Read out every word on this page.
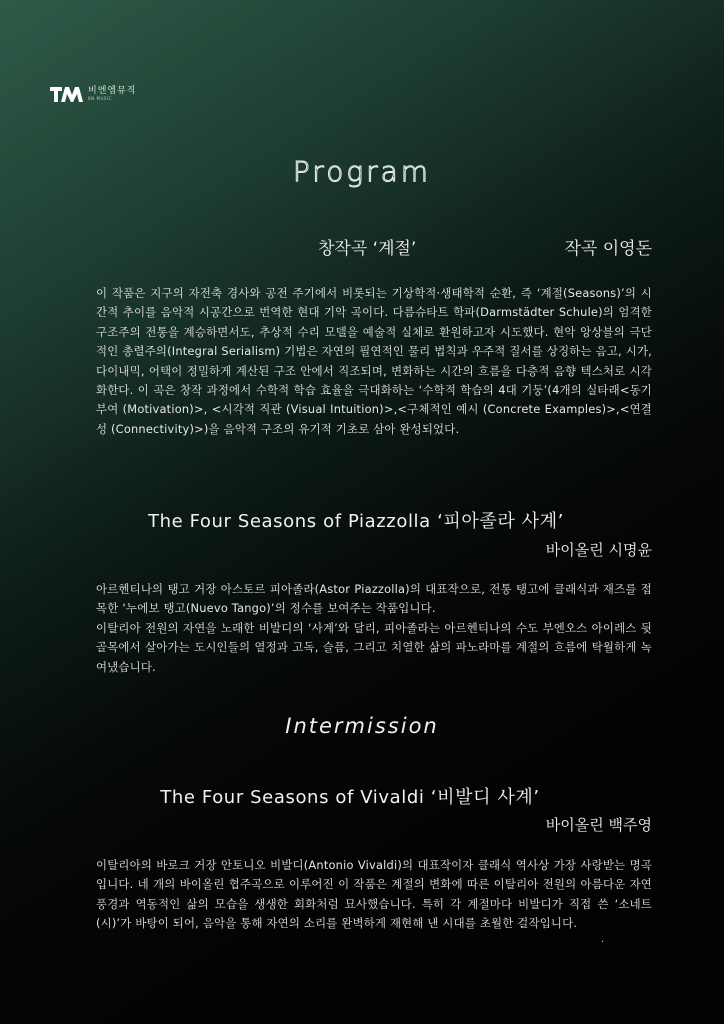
비엔엠뮤직
BN MUSIC
Program
창작곡 ‘계절’	작곡 이영돈

이 작품은 지구의 자전축 경사와 공전 주기에서 비롯되는 기상학적·생태학적 순환, 즉 ‘계절(Seasons)’의 시간적 추이를 음악적 시공간으로 번역한 현대 기악 곡이다. 다름슈타트 학파(Darmstädter Schule)의 엄격한 구조주의 전통을 계승하면서도, 추상적 수리 모델을 예술적 실체로 환원하고자 시도했다. 현악 앙상블의 극단적인 총렬주의(Integral Serialism) 기법은 자연의 필연적인 물리 법칙과 우주적 질서를 상징하는 음고, 시가, 다이내믹, 어택이 정밀하게 계산된 구조 안에서 직조되며, 변화하는 시간의 흐름을 다층적 음향 텍스처로 시각화한다. 이 곡은 창작 과정에서 수학적 학습 효율을 극대화하는 ‘수학적 학습의 4대 기둥’(4개의 실타래<동기부여 (Motivation)>, <시각적 직관 (Visual Intuition)>,<구체적인 예시 (Concrete Examples)>,<연결성 (Connectivity)>)을 음악적 구조의 유기적 기초로 삼아 완성되었다.

The Four Seasons of Piazzolla ‘피아졸라 사계’
바이올린 시명윤
아르헨티나의 탱고 거장 아스토르 피아졸라(Astor Piazzolla)의 대표작으로, 전통 탱고에 클래식과 재즈를 접목한 ‘누에보 탱고(Nuevo Tango)’의 정수를 보여주는 작품입니다.
이탈리아 전원의 자연을 노래한 비발디의 ‘사계’와 달리, 피아졸라는 아르헨티나의 수도 부엔오스 아이레스 뒷골목에서 살아가는 도시인들의 열정과 고독, 슬픔, 그리고 치열한 삶의 파노라마를 계절의 흐름에 탁월하게 녹여냈습니다.
Intermission
The Four Seasons of Vivaldi ‘비발디 사계’
바이올린 백주영

이탈리아의 바로크 거장 안토니오 비발디(Antonio Vivaldi)의 대표작이자 클래식 역사상 가장 사랑받는 명곡입니다. 네 개의 바이올린 협주곡으로 이루어진 이 작품은 계절의 변화에 따른 이탈리아 전원의 아름다운 자연 풍경과 역동적인 삶의 모습을 생생한 회화처럼 묘사했습니다. 특히 각 계절마다 비발디가 직접 쓴 ‘소네트(시)’가 바탕이 되어, 음악을 통해 자연의 소리를 완벽하게 재현해 낸 시대를 초월한 걸작입니다.

.
